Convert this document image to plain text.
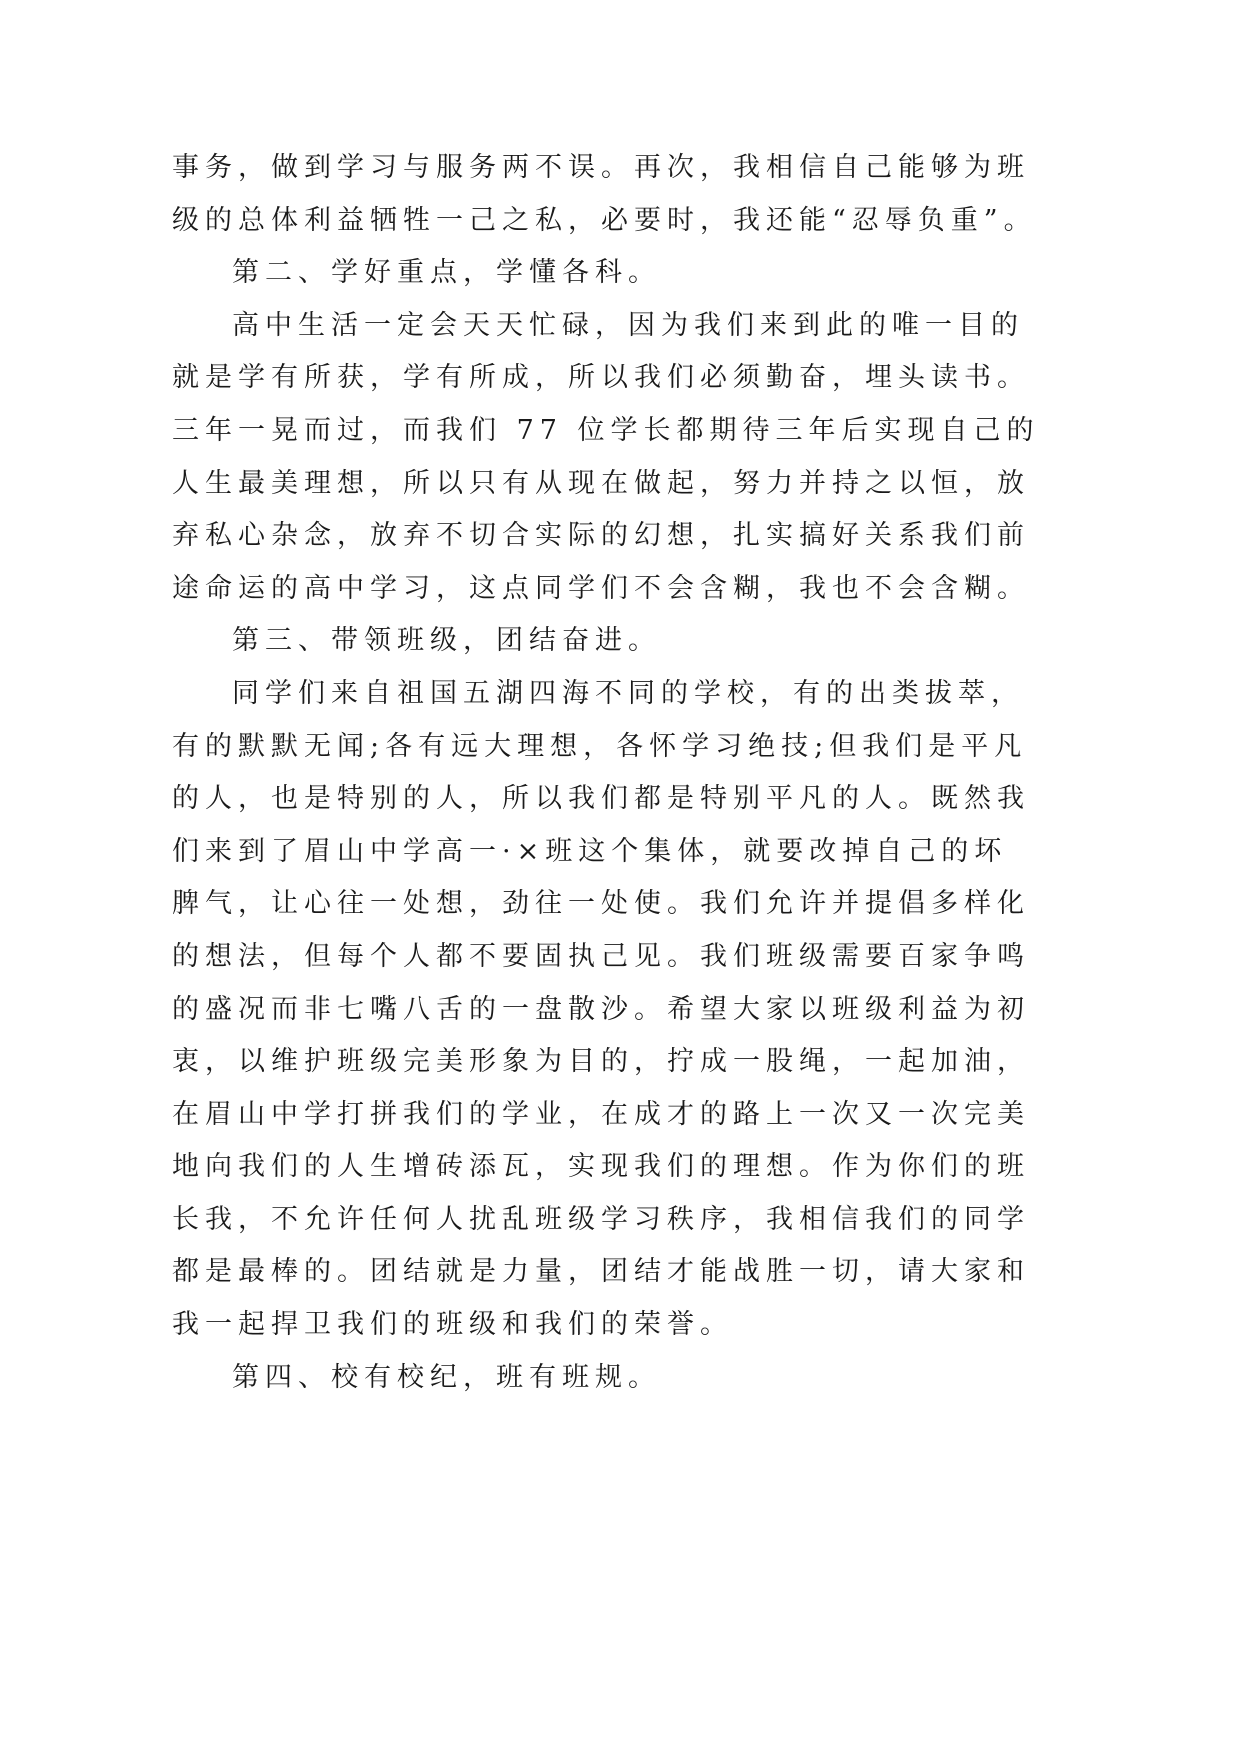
事务，做到学习与服务两不误。再次，我相信自己能够为班
级的总体利益牺牲一己之私，必要时，我还能“忍辱负重”。
第二、学好重点，学懂各科。
高中生活一定会天天忙碌，因为我们来到此的唯一目的
就是学有所获，学有所成，所以我们必须勤奋，埋头读书。
三年一晃而过，而我们 77 位学长都期待三年后实现自己的
人生最美理想，所以只有从现在做起，努力并持之以恒，放
弃私心杂念，放弃不切合实际的幻想，扎实搞好关系我们前
途命运的高中学习，这点同学们不会含糊，我也不会含糊。
第三、带领班级，团结奋进。
同学们来自祖国五湖四海不同的学校，有的出类拔萃，
有的默默无闻;各有远大理想，各怀学习绝技;但我们是平凡
的人，也是特别的人，所以我们都是特别平凡的人。既然我
们来到了眉山中学高一·×班这个集体，就要改掉自己的坏
脾气，让心往一处想，劲往一处使。我们允许并提倡多样化
的想法，但每个人都不要固执己见。我们班级需要百家争鸣
的盛况而非七嘴八舌的一盘散沙。希望大家以班级利益为初
衷，以维护班级完美形象为目的，拧成一股绳，一起加油，
在眉山中学打拼我们的学业，在成才的路上一次又一次完美
地向我们的人生增砖添瓦，实现我们的理想。作为你们的班
长我，不允许任何人扰乱班级学习秩序，我相信我们的同学
都是最棒的。团结就是力量，团结才能战胜一切，请大家和
我一起捍卫我们的班级和我们的荣誉。
第四、校有校纪，班有班规。
